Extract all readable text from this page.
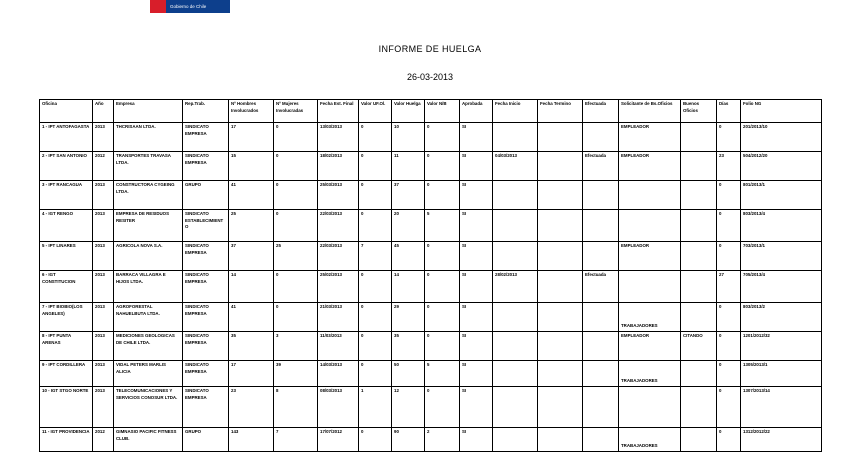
Gobierno de Chile
INFORME DE HUELGA
26-03-2013
Oficina	Año	Empresa	Rep.Trab.	Nº Hombres Involucrados	Nº Mujeres Involucradas	Fecha Est. Final	Valor UF.Ol.	Valor Huelga	Valor N/B	Aprobada	Fecha Inicio	Fecha Termino	Efectuada	Solicitante de Bs.Oficios	Buenos Oficios	Días	Folio NG
1 - IPT ANTOFAGASTA	2013	THCRISAAN LTDA.	SINDICATO EMPRESA	17	0	13/03/2013	0	10	0	SI				EMPLEADOR		0	201/2013/10
2 - IPT SAN ANTONIO	2012	TRANSPORTES TRAVASA LTDA.	SINDICATO EMPRESA	15	0	18/02/2013	0	11	0	SI	04/03/2013		Efectuada	EMPLEADOR		23	504/2012/20
3 - IPT RANCAGUA	2013	CONSTRUCTORA CYGEING LTDA.	GRUPO	41	0	25/03/2013	0	37	0	SI						0	801/2013/1
4 - IGT RENGO	2013	EMPRESA DE RESIDUOS RESITER	SINDICATO ESTABLECIMIENTO	25	0	22/03/2013	0	20	5	SI						0	803/2013/4
5 - IPT LINARES	2013	AGRICOLA NOVA S.A.	SINDICATO EMPRESA	37	25	22/03/2013	7	45	0	SI				EMPLEADOR		0	703/2013/1
6 - IGT CONSTITUCION	2013	BARRACA VILLAGRA E HIJOS LTDA.	SINDICATO EMPRESA	14	0	25/02/2013	0	14	0	SI	28/02/2013		Efectuada			27	705/2013/4
7 - IPT BIOBIO(LOS ANGELES)	2013	AGROFORESTAL NAHUELBUTA LTDA.	SINDICATO EMPRESA	41	0	21/03/2013	0	29	0	SI				TRABAJADORES		0	803/2013/2
8 - IPT PUNTA ARENAS	2013	MEDICIONES GEOLOGICAS DE CHILE LTDA.	SINDICATO EMPRESA	35	3	11/03/2013	0	35	0	SI				EMPLEADOR	CITANDO	0	1201/2012/32
9 - IPT CORDILLERA	2013	VIDAL PETERS MARLIS ALICIA	SINDICATO EMPRESA	17	39	14/03/2013	0	50	5	SI				TRABAJADORES		0	1305/2013/1
10 - IGT STGO NORTE	2013	TELECOMUNICACIONES Y SERVICIOS CONOSUR LTDA.	SINDICATO EMPRESA	23	8	08/03/2013	1	12	0	SI						0	1307/2013/14
11 - IGT PROVIDENCIA	2012	GIMNASIO PACIFIC FITNESS CLUB.	GRUPO	143	7	17/07/2012	0	90	2	SI				TRABAJADORES		0	1312/2012/22
